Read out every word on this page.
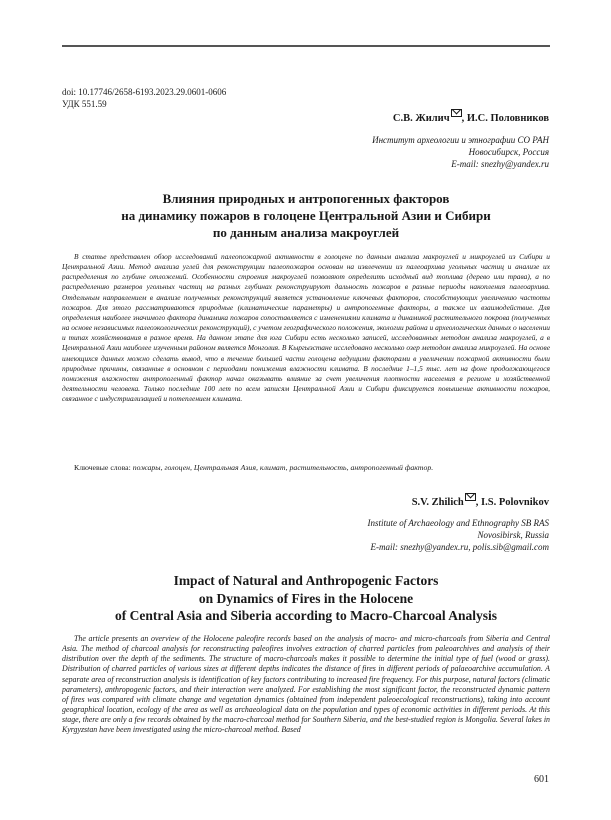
doi: 10.17746/2658-6193.2023.29.0601-0606
УДК 551.59
С.В. Жилич , И.С. Половников
Институт археологии и этнографии СО РАН
Новосибирск, Россия
E-mail: snezhy@yandex.ru
Влияния природных и антропогенных факторов
на динамику пожаров в голоцене Центральной Азии и Сибири
по данным анализа макроуглей

В статье представлен обзор исследований палеопожарной активности в голоцене по данным анализа макроуглей и микроуглей из Сибири и Центральной Азии. Метод анализа углей для реконструкции палеопожаров основан на извлечении из палеоархива угольных частиц и анализе их распределения по глубине отложений. Особенности строения макроуглей позволяют определить исходный вид топлива (дерево или трава), а по распределению размеров угольных частиц на разных глубинах реконструируют дальность пожаров в разные периоды накопления палеоархива. Отдельным направлением в анализе полученных реконструкций является установление ключевых факторов, способствующих увеличению частоты пожаров. Для этого рассматриваются природные (климатические параметры) и антропогенные факторы, а также их взаимодействие. Для определения наиболее значимого фактора динамика пожаров сопоставляется с изменениями климата и динамикой растительного покрова (полученных на основе независимых палеоэкологических реконструкций), с учетом географического положения, экологии района и археологических данных о населении и типах хозяйствования в разное время. На данном этапе для юга Сибири есть несколько записей, исследованных методом анализа макроуглей, а в Центральной Азии наиболее изученным районом является Монголия. В Кыргызстане исследовано несколько озер методом анализа микроуглей. На основе имеющихся данных можно сделать вывод, что в течение большей части голоцена ведущими факторами в увеличении пожарной активности были природные причины, связанные в основном с периодами понижения влажности климата. В последние 1–1,5 тыс. лет на фоне продолжающегося понижения влажности антропогенный фактор начал оказывать влияние за счет увеличения плотности населения в регионе и хозяйственной деятельности человека. Только последние 100 лет по всем записям Центральной Азии и Сибири фиксируется повышение активности пожаров, связанное с индустриализацией и потеплением климата.

Ключевые слова: пожары, голоцен, Центральная Азия, климат, растительность, антропогенный фактор.
S.V. Zhilich , I.S. Polovnikov
Institute of Archaeology and Ethnography SB RAS
Novosibirsk, Russia
E-mail: snezhy@yandex.ru, polis.sib@gmail.com
Impact of Natural and Anthropogenic Factors
on Dynamics of Fires in the Holocene
of Central Asia and Siberia according to Macro-Charcoal Analysis

The article presents an overview of the Holocene paleofire records based on the analysis of macro- and micro-charcoals from Siberia and Central Asia. The method of charcoal analysis for reconstructing paleofires involves extraction of charred particles from paleoarchives and analysis of their distribution over the depth of the sediments. The structure of macro-charcoals makes it possible to determine the initial type of fuel (wood or grass). Distribution of charred particles of various sizes at different depths indicates the distance of fires in different periods of palaeoarchive accumulation. A separate area of reconstruction analysis is identification of key factors contributing to increased fire frequency. For this purpose, natural factors (climatic parameters), anthropogenic factors, and their interaction were analyzed. For establishing the most significant factor, the reconstructed dynamic pattern of fires was compared with climate change and vegetation dynamics (obtained from independent paleoecological reconstructions), taking into account geographical location, ecology of the area as well as archaeological data on the population and types of economic activities in different periods. At this stage, there are only a few records obtained by the macro-charcoal method for Southern Siberia, and the best-studied region is Mongolia. Several lakes in Kyrgyzstan have been investigated using the micro-charcoal method. Based

601
